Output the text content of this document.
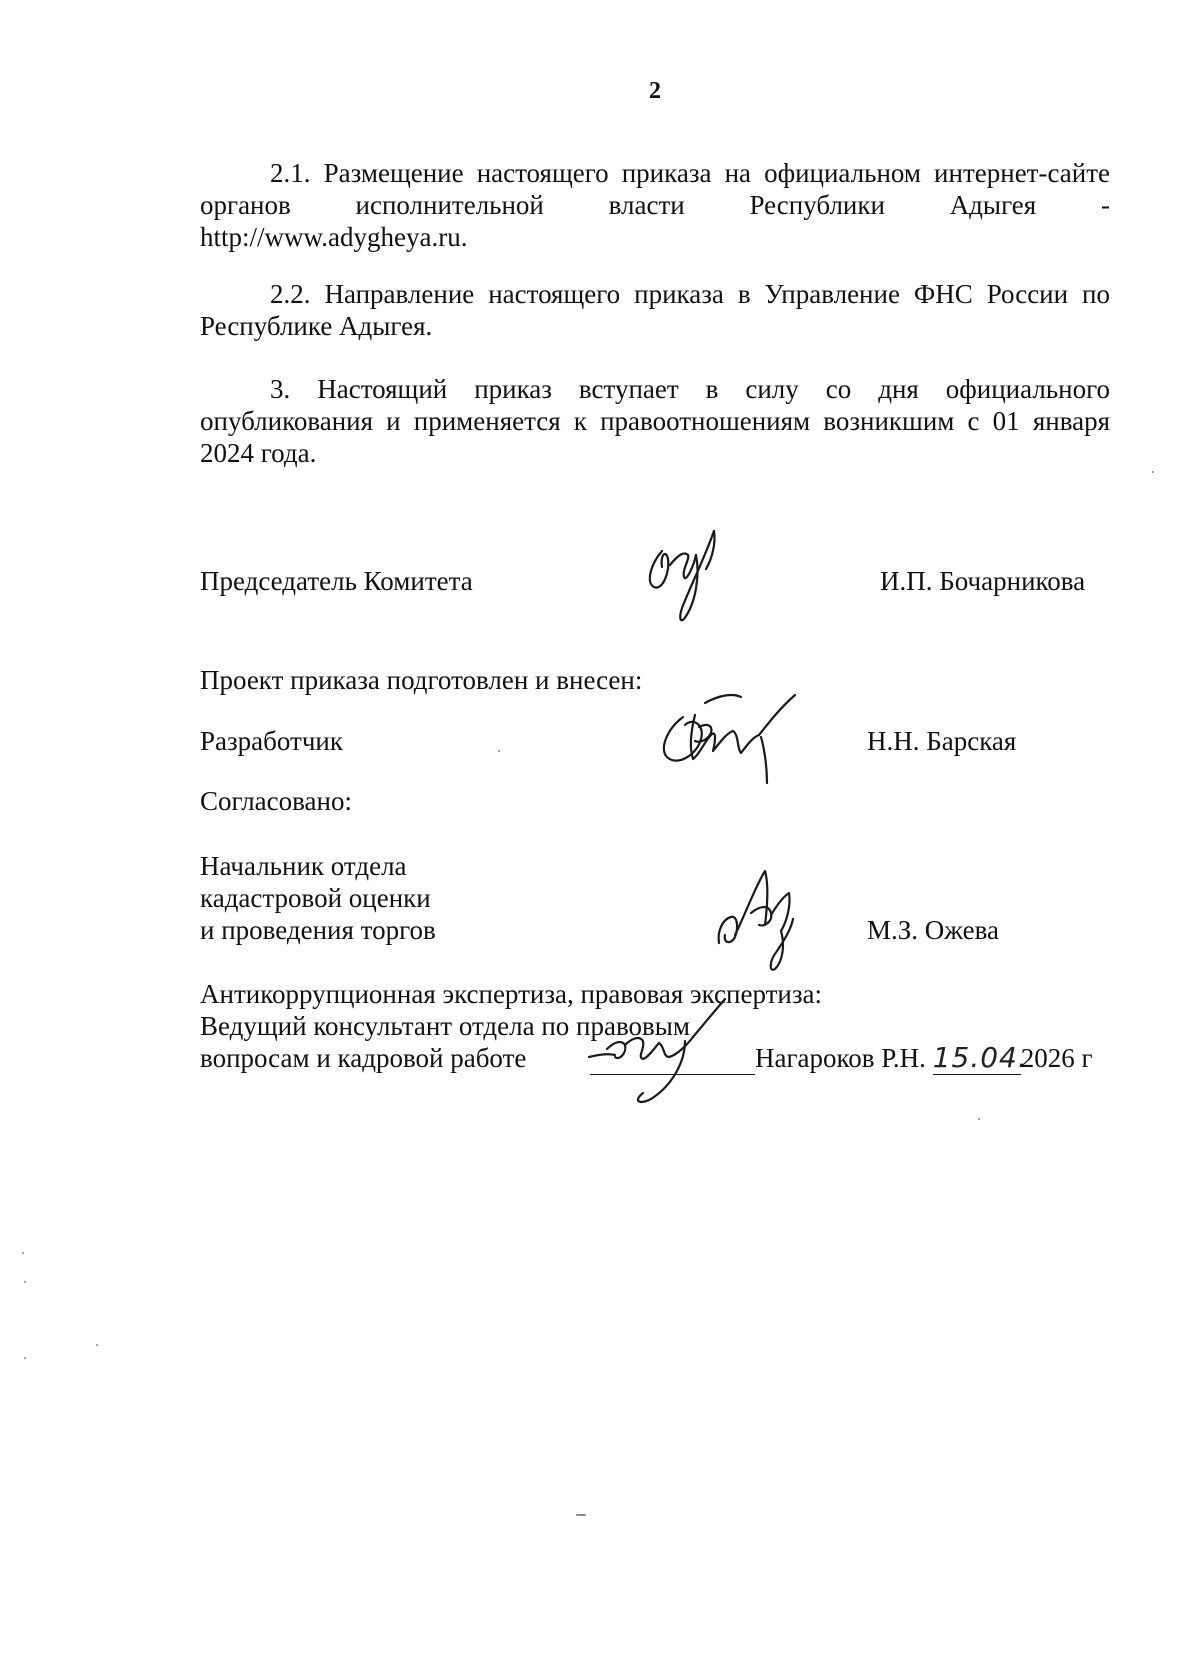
2
2.1. Размещение настоящего приказа на официальном интернет-сайте
органов исполнительной власти Республики Адыгея -
http://www.adygheya.ru.
2.2. Направление настоящего приказа в Управление ФНС России по
Республике Адыгея.
3. Настоящий приказ вступает в силу со дня официального
опубликования и применяется к правоотношениям возникшим с 01 января
2024 года.
Председатель Комитета	И.П. Бочарникова
Проект приказа подготовлен и внесен:
Разработчик	Н.Н. Барская
Согласовано:
Начальник отдела
кадастровой оценки
и проведения торгов	М.З. Ожева
Антикоррупционная экспертиза, правовая экспертиза:
Ведущий консультант отдела по правовым
вопросам и кадровой работе	Нагароков Р.Н. 15.04.2026 г
